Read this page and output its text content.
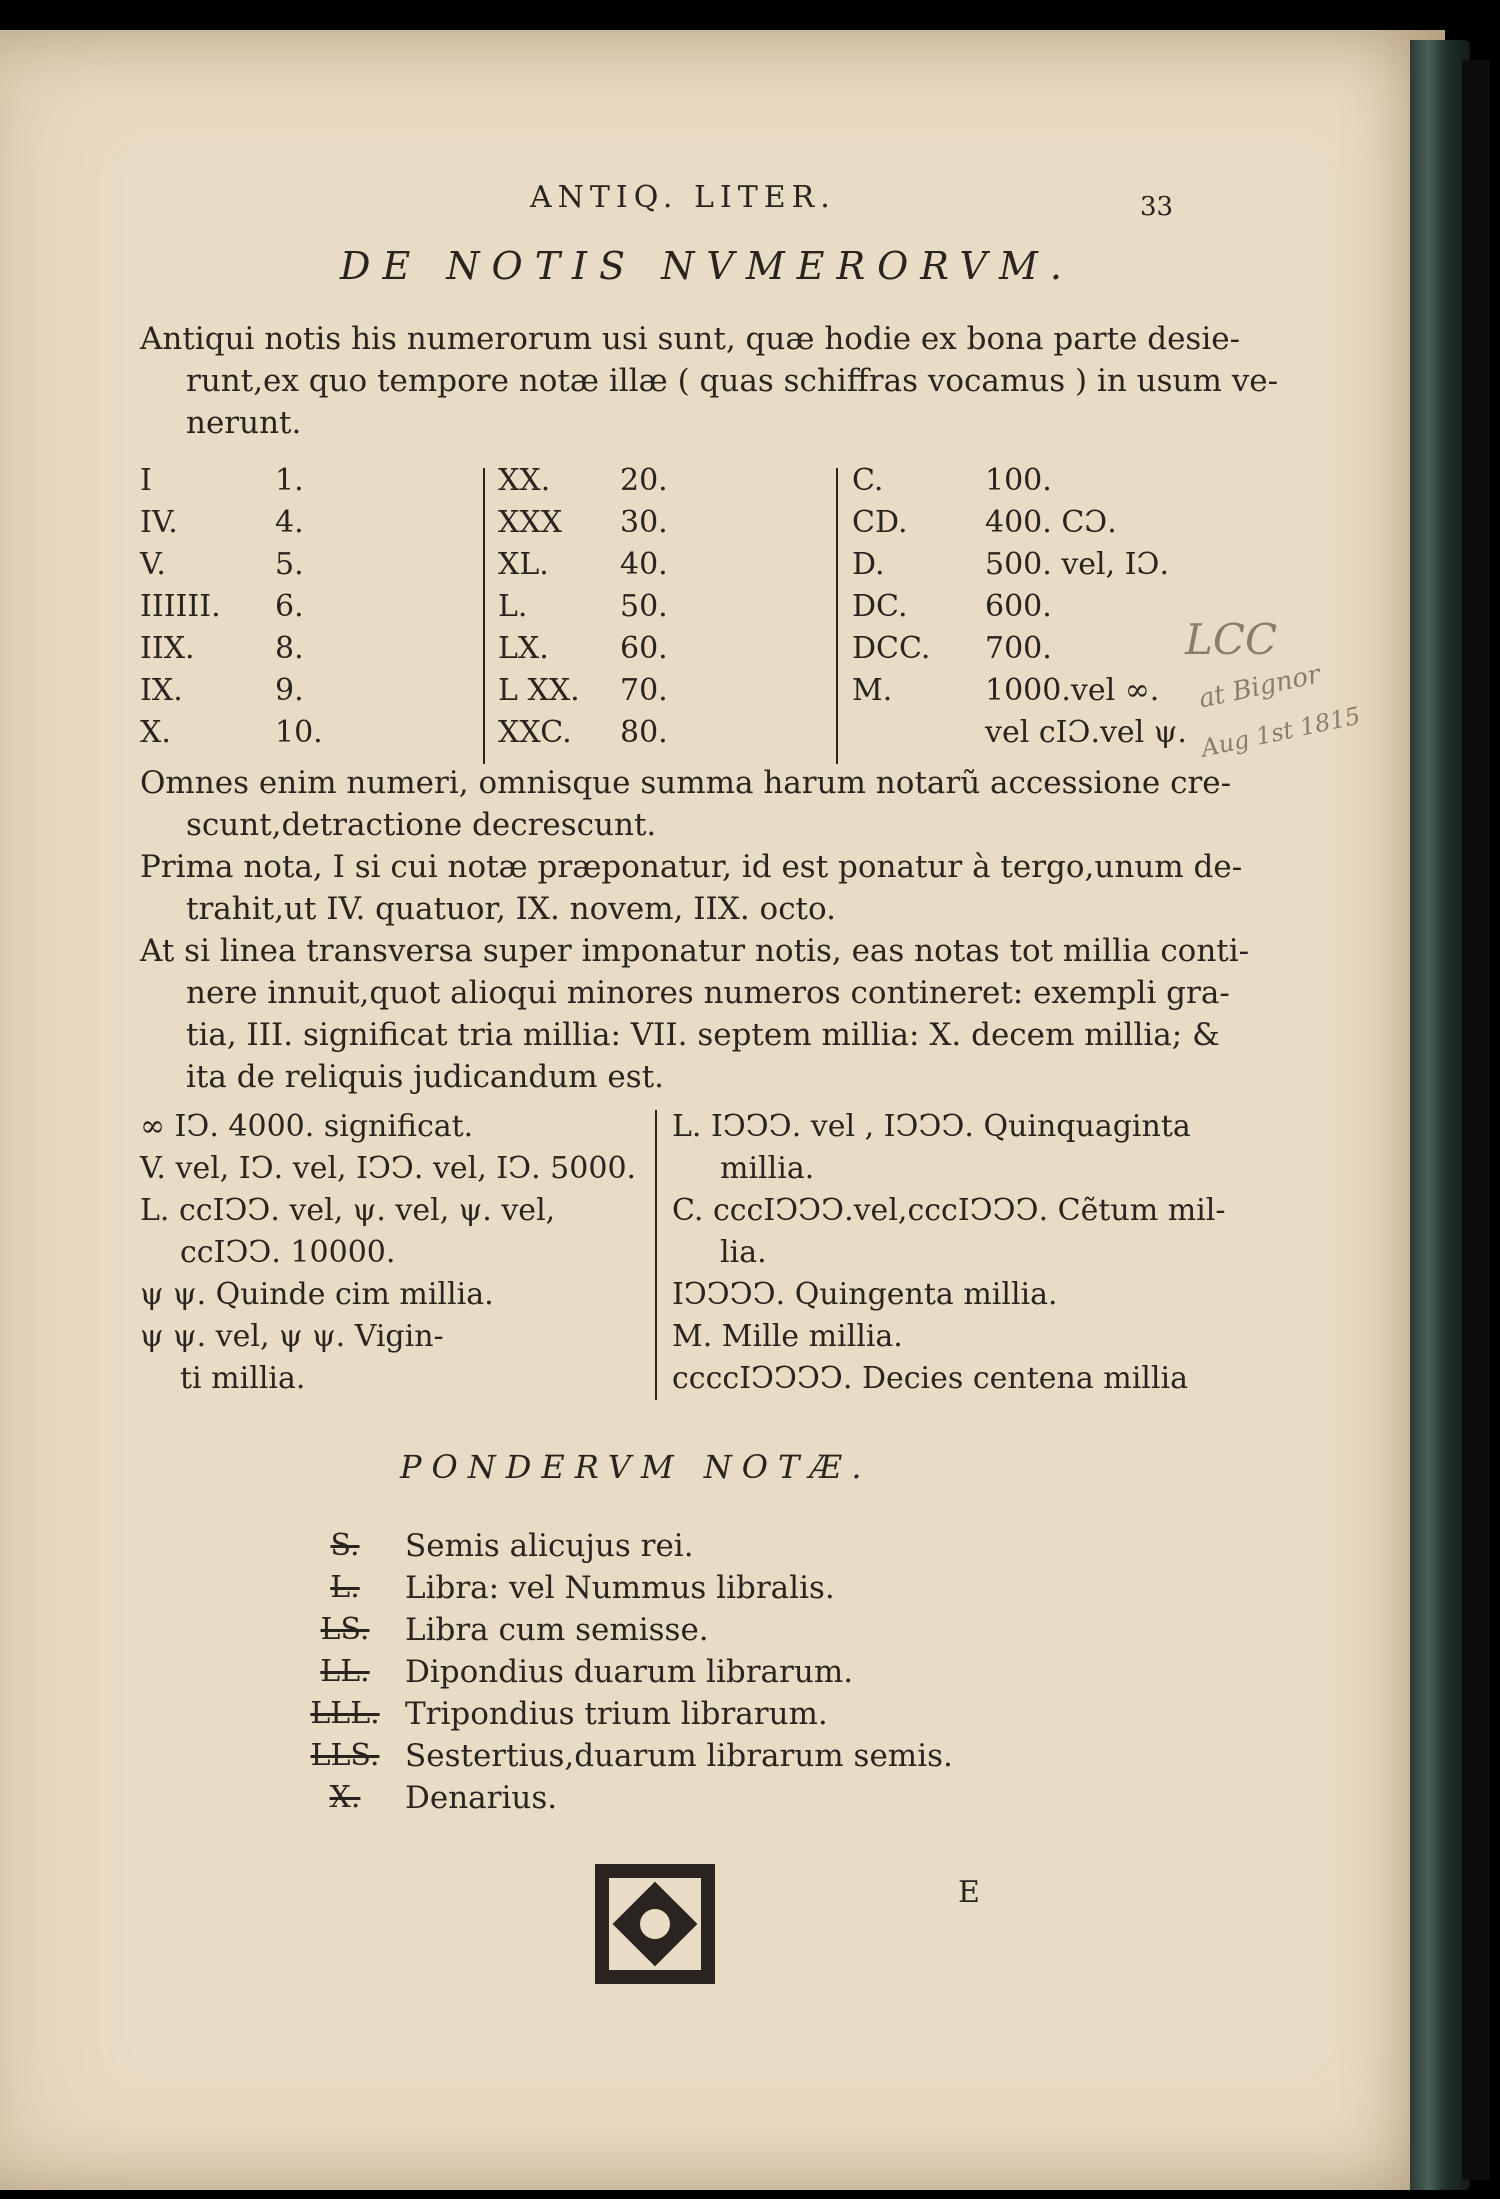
ANTIQ. LITER.	33
DE NOTIS NVMERORVM.
Antiqui notis his numerorum usi sunt, quæ hodie ex bona parte desie-
runt,ex quo tempore notæ illæ ( quas schiffras vocamus ) in usum ve-
nerunt.
Omnes enim numeri, omnisque summa harum notarũ accessione cre-
scunt,detractione decrescunt.
Prima nota, I si cui notæ præponatur, id est ponatur à tergo,unum de-
trahit,ut IV. quatuor, IX. novem, IIX. octo.
At si linea transversa super imponatur notis, eas notas tot millia conti-
nere innuit,quot alioqui minores numeros contineret: exempli gra-
tia, III. significat tria millia: VII. septem millia: X. decem millia; &
ita de reliquis judicandum est.
PONDERVM NOTÆ.
E
LCC
at Bignor
Aug 1st 1815
I	1.
IV.	4.
V.	5.
IIIIII. 6.
IIX.	8.
IX.	9.
X.	10.
XX. 20.
XXX 30.
XL. 40.
L.	50.
LX. 60.
L XX. 70.
XXC. 80.
C.	100.
CD.	400. CƆ.
D.	500. vel, IƆ.
DC.	600.
DCC. 700.
M.	1000.vel ∞.
vel cIƆ.vel ψ.
∞ IↃ. 4000. significat.
V. vel, IↃ. vel, IↃↃ. vel, IↃ. 5000.
L. ccIↃↃ. vel, ψ. vel, ψ. vel,
ccIↃↃ. 10000.
ψ ψ. Quinde cim millia.
ψ ψ. vel, ψ ψ. Vigin-
ti millia.
L. IↃↃↃ. vel , IↃↃↃ. Quinquaginta
millia.
C. cccIↃↃↃ.vel,cccIↃↃↃ. Cẽtum mil-
lia.
IↃↃↃↃ. Quingenta millia.
M. Mille millia.
ccccIↃↃↃↃ. Decies centena millia
S.	Semis alicujus rei.
L.	Libra: vel Nummus libralis.
LS.	Libra cum semisse.
LL.	Dipondius duarum librarum.
LLL. Tripondius trium librarum.
LLS. Sestertius,duarum librarum semis.
X.	Denarius.
